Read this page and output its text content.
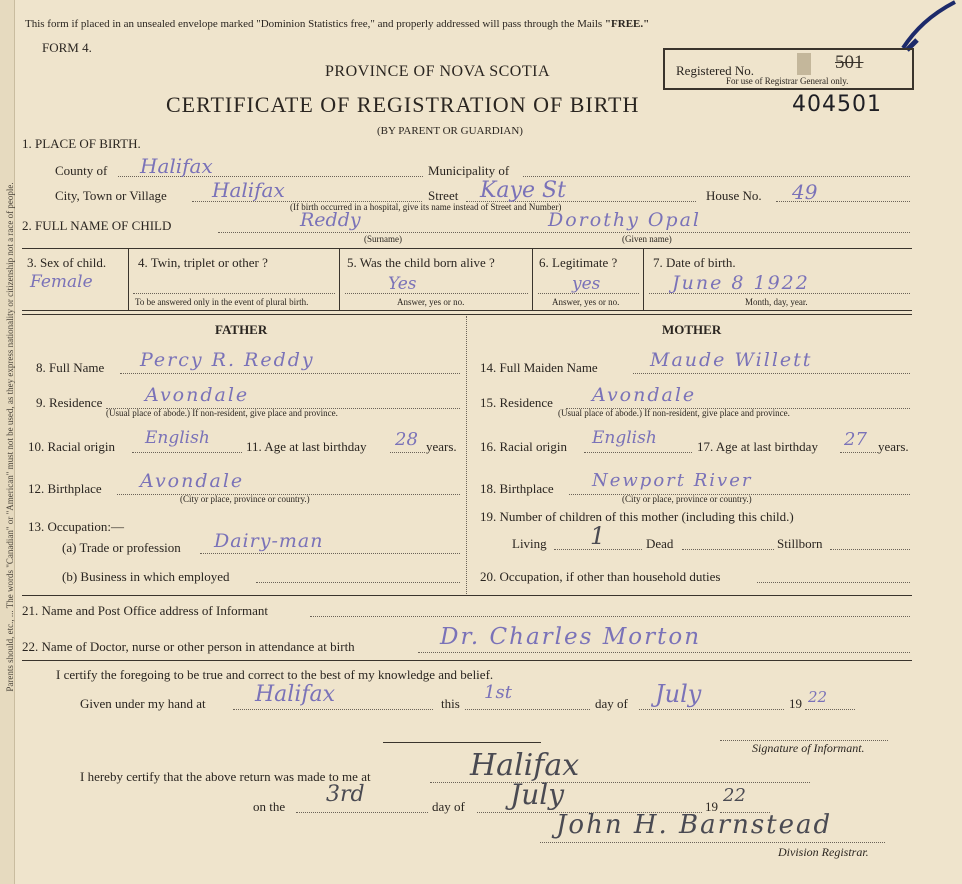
Parents should, etc., ... The words "Canadian" or "American" must not be used, as they express nationality or citizenship not a race of people.
This form if placed in an unsealed envelope marked "Dominion Statistics free," and properly addressed will pass through the Mails "FREE."
FORM 4.
PROVINCE OF NOVA SCOTIA
CERTIFICATE OF REGISTRATION OF BIRTH
(BY PARENT OR GUARDIAN)
Registered No.	501
For use of Registrar General only.
404501
1. PLACE OF BIRTH.
County of Halifax	Municipality of
City, Town or Village Halifax	Street Kaye St	House No. 49
(If birth occurred in a hospital, give its name instead of Street and Number)
2. FULL NAME OF CHILD	Reddy	Dorothy Opal
(Surname)	(Given name)
3. Sex of child.
Female
4. Twin, triplet or other ?
To be answered only in the event of plural birth.
5. Was the child born alive ?
Yes
Answer, yes or no.
6. Legitimate ?
yes
Answer, yes or no.
7. Date of birth.
June 8 1922
Month, day, year.
FATHER	MOTHER
8. Full Name Percy R. Reddy
9. Residence Avondale
(Usual place of abode.) If non-resident, give place and province.
10. Racial origin English	11. Age at last birthday 28 years.
12. Birthplace Avondale
(City or place, province or country.)
13. Occupation:—
(a) Trade or profession Dairy-man
(b) Business in which employed
14. Full Maiden Name	Maude Willett
15. Residence Avondale
(Usual place of abode.) If non-resident, give place and province.
16. Racial origin English	17. Age at last birthday 27 years.
18. Birthplace Newport River
(City or place, province or country.)
19. Number of children of this mother (including this child.)
Living 1	Dead	Stillborn
20. Occupation, if other than household duties
21. Name and Post Office address of Informant
22. Name of Doctor, nurse or other person in attendance at birth	Dr. Charles Morton
I certify the foregoing to be true and correct to the best of my knowledge and belief.
Given under my hand at Halifax	this
1st
day of July	19 22
Signature of Informant.
I hereby certify that the above return was made to me at	Halifax
on the 3rd	day of July	19
22
John H. Barnstead
Division Registrar.
